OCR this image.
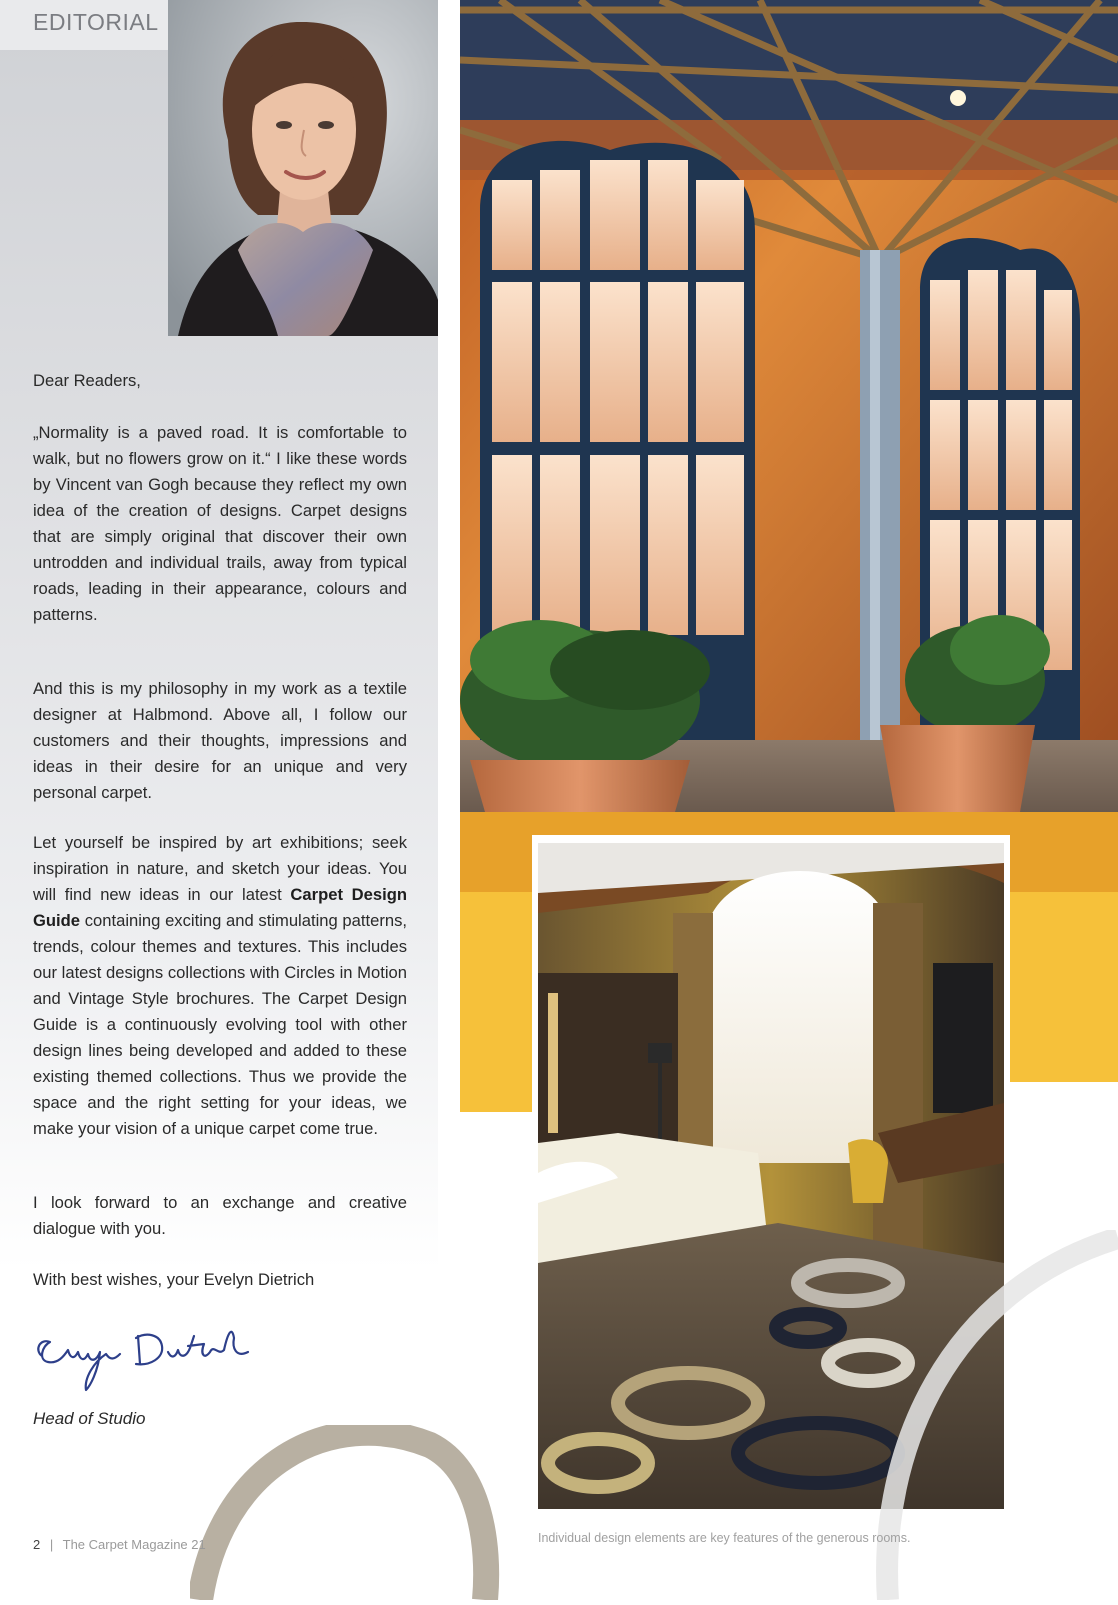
EDITORIAL

Dear Readers,

„Normality is a paved road. It is comfortable to walk, but no flowers grow on it.“ I like these words by Vincent van Gogh because they reflect my own idea of the creation of designs. Carpet designs that are simply original that discover their own untrodden and individual trails, away from typical roads, leading in their appearance, colours and patterns.

And this is my philosophy in my work as a textile designer at Halbmond. Above all, I follow our customers and their thoughts, impressions and ideas in their desire for an unique and very personal carpet.

Let yourself be inspired by art exhibitions; seek inspiration in nature, and sketch your ideas. You will find new ideas in our latest Carpet Design Guide containing exciting and stimulating patterns, trends, colour themes and textures. This includes our latest designs collections with Circles in Motion and Vintage Style brochures. The Carpet Design Guide is a continuously evolving tool with other design lines being developed and added to these existing themed collections. Thus we provide the space and the right setting for your ideas, we make your vision of a unique carpet come true.

I look forward to an exchange and creative dialogue with you.

With best wishes, your Evelyn Dietrich

Head of Studio
Individual design elements are key features of the generous rooms.
2 | The Carpet Magazine 21
